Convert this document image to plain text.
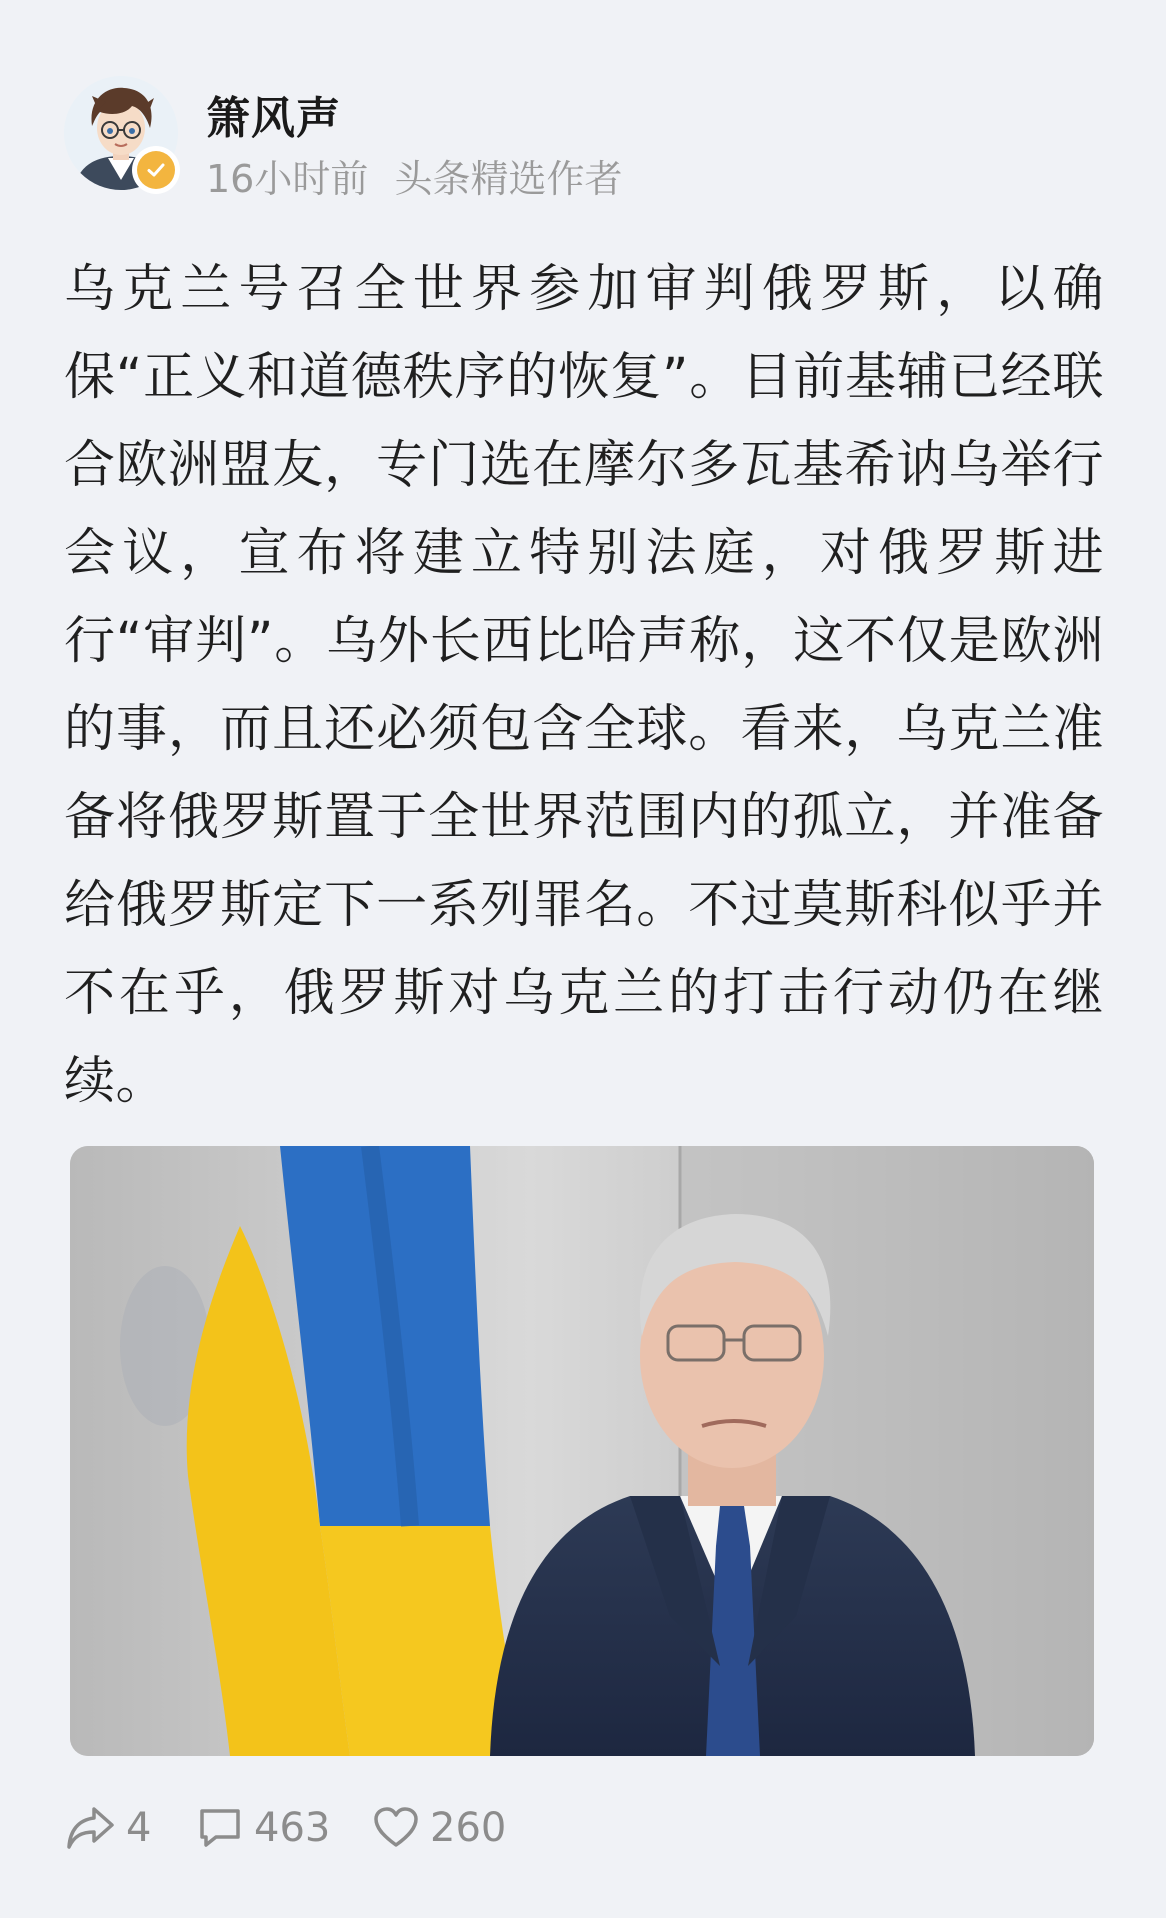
箫风声
16小时前 头条精选作者

乌克兰号召全世界参加审判俄罗斯，以确保“正义和道德秩序的恢复”。目前基辅已经联合欧洲盟友，专门选在摩尔多瓦基希讷乌举行会议，宣布将建立特别法庭，对俄罗斯进行“审判”。乌外长西比哈声称，这不仅是欧洲的事，而且还必须包含全球。看来，乌克兰准备将俄罗斯置于全世界范围内的孤立，并准备给俄罗斯定下一系列罪名。不过莫斯科似乎并不在乎，俄罗斯对乌克兰的打击行动仍在继续。

4	463 260
